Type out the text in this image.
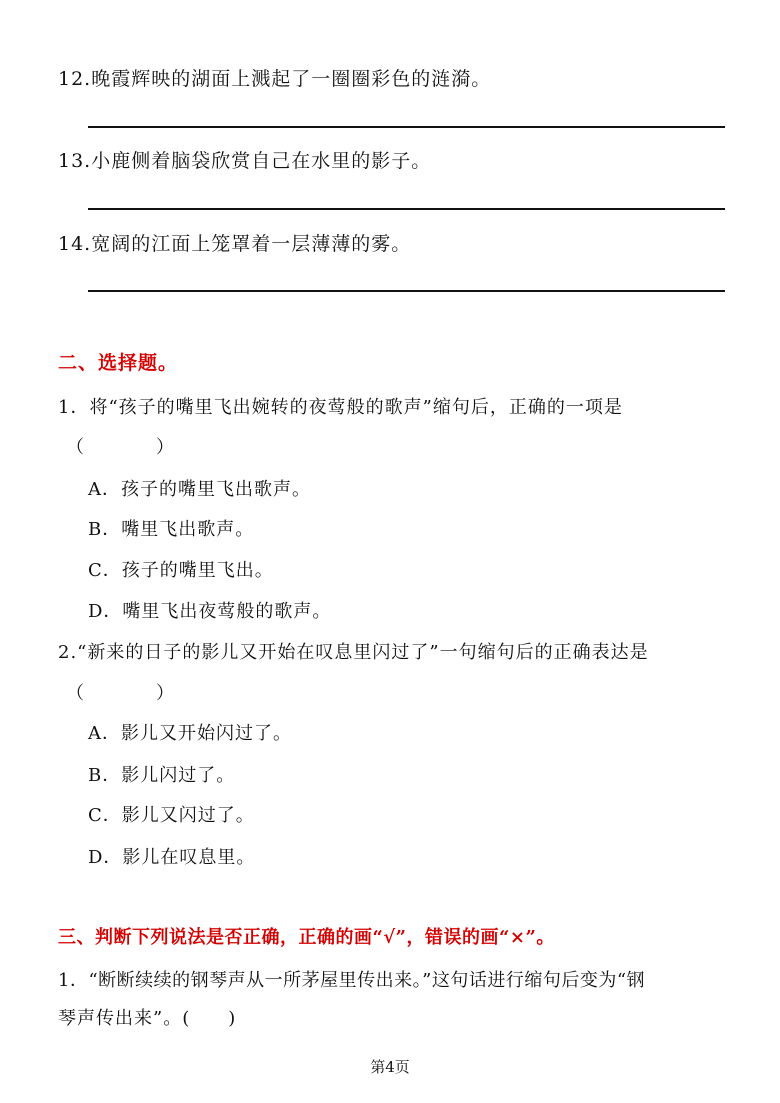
12.晚霞辉映的湖面上溅起了一圈圈彩色的涟漪。
13.小鹿侧着脑袋欣赏自己在水里的影子。
14.宽阔的江面上笼罩着一层薄薄的雾。
二、选择题。
1．将“孩子的嘴里飞出婉转的夜莺般的歌声”缩句后，正确的一项是
（　　　　）
A．孩子的嘴里飞出歌声。
B．嘴里飞出歌声。
C．孩子的嘴里飞出。
D．嘴里飞出夜莺般的歌声。
2.“新来的日子的影儿又开始在叹息里闪过了”一句缩句后的正确表达是
（　　　　）
A．影儿又开始闪过了。
B．影儿闪过了。
C．影儿又闪过了。
D．影儿在叹息里。
三、判断下列说法是否正确，正确的画“√”，错误的画“×”。
1．“断断续续的钢琴声从一所茅屋里传出来。”这句话进行缩句后变为“钢
琴声传出来”。(　　)
第4页
